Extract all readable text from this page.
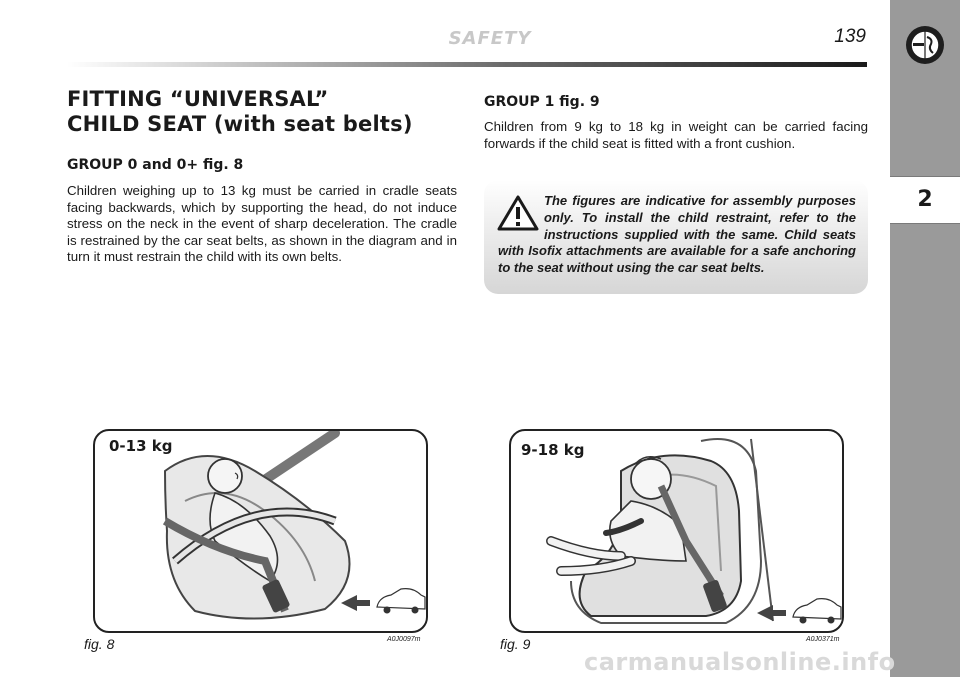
SAFETY	139
2
FITTING “UNIVERSAL”
CHILD SEAT (with seat belts)
GROUP 0 and 0+ fig. 8
Children weighing up to 13 kg must be carried in cradle seats facing backwards, which by supporting the head, do not induce stress on the neck in the event of sharp deceleration. The cradle is restrained by the car seat belts, as shown in the diagram and in turn it must restrain the child with its own belts.
GROUP 1 fig. 9
Children from 9 kg to 18 kg in weight can be carried facing forwards if the child seat is fitted with a front cushion.
The figures are indicative for assembly purposes only. To install the child restraint, refer to the instructions supplied with the same. Child seats with Isofix attachments are available for a safe anchoring to the seat without using the car seat belts.
0-13 kg
fig. 8	A0J0097m
9-18 kg
fig. 9	A0J0371m
carmanualsonline.info
